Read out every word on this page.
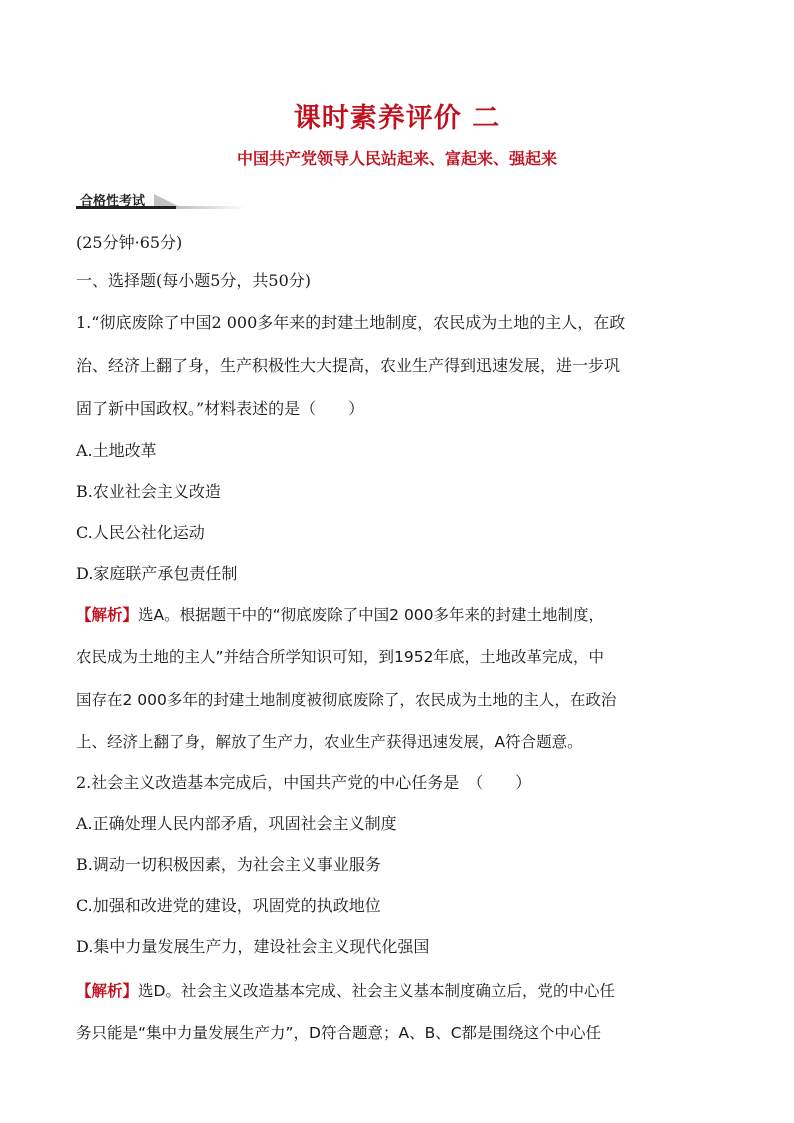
课时素养评价 二
中国共产党领导人民站起来、富起来、强起来
合格性考试
(25分钟·65分)
一、选择题(每小题5分，共50分)
1.“彻底废除了中国2 000多年来的封建土地制度，农民成为土地的主人，在政
治、经济上翻了身，生产积极性大大提高，农业生产得到迅速发展，进一步巩
固了新中国政权。”材料表述的是（　　）
A.土地改革
B.农业社会主义改造
C.人民公社化运动
D.家庭联产承包责任制
【解析】选A。根据题干中的“彻底废除了中国2 000多年来的封建土地制度，
农民成为土地的主人”并结合所学知识可知，到1952年底，土地改革完成，中
国存在2 000多年的封建土地制度被彻底废除了，农民成为土地的主人，在政治
上、经济上翻了身，解放了生产力，农业生产获得迅速发展，A符合题意。
2.社会主义改造基本完成后，中国共产党的中心任务是　（　　）
A.正确处理人民内部矛盾，巩固社会主义制度
B.调动一切积极因素，为社会主义事业服务
C.加强和改进党的建设，巩固党的执政地位
D.集中力量发展生产力，建设社会主义现代化强国
【解析】选D。社会主义改造基本完成、社会主义基本制度确立后，党的中心任
务只能是“集中力量发展生产力”，D符合题意；A、B、C都是围绕这个中心任
